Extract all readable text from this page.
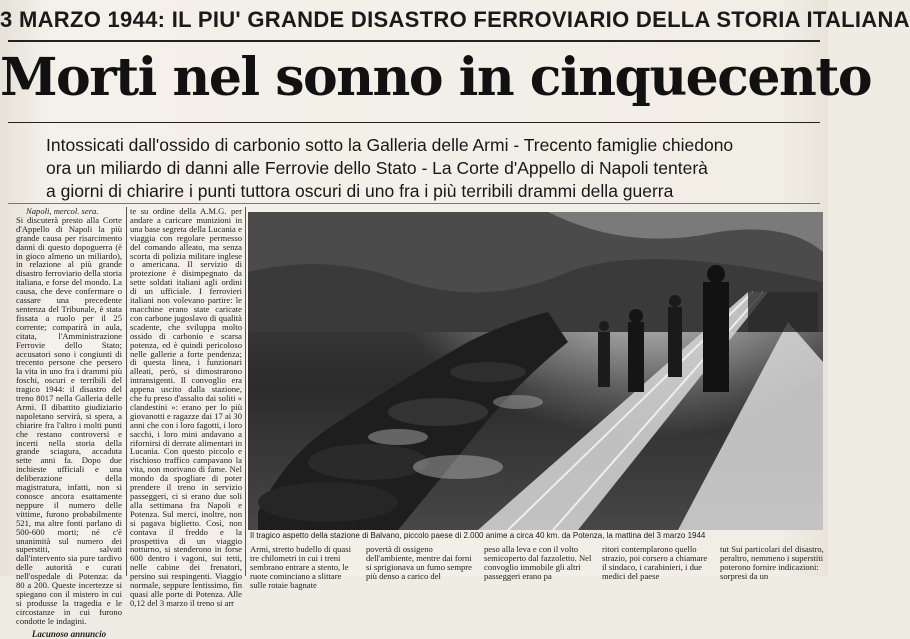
3 MARZO 1944: IL PIU' GRANDE DISASTRO FERROVIARIO DELLA STORIA ITALIANA
Morti nel sonno in cinquecento
Intossicati dall'ossido di carbonio sotto la Galleria delle Armi - Trecento famiglie chiedono
ora un miliardo di danni alle Ferrovie dello Stato - La Corte d'Appello di Napoli tenterà
a giorni di chiarire i punti tuttora oscuri di uno fra i più terribili drammi della guerra
Napoli, mercol. sera.
Si discuterà presto alla Corte d'Appello di Napoli la più grande causa per risarcimento danni di questo dopoguerra (è in gioco almeno un miliardo), in relazione al più grande disastro ferroviario della storia italiana, e forse del mondo. La causa, che deve confermare o cassare una precedente sentenza del Tribunale, è stata fissata a ruolo per il 25 corrente; comparirà in aula, citata, l'Amministrazione Ferrovie dello Stato; accusatori sono i congiunti di trecento persone che persero la vita in uno fra i drammi più foschi, oscuri e terribili del tragico 1944: il disastro del treno 8017 nella Galleria delle Armi. Il dibattito giudiziario napoletano servirà, si spera, a chiarire fra l'altro i molti punti che restano controversi e incerti nella storia della grande sciagura, accaduta sette anni fa. Dopo due inchieste ufficiali e una deliberazione della magistratura, infatti, non si conosce ancora esattamente neppure il numero delle vittime, furono probabilmente 521, ma altre fonti parlano di 500-600 morti; né c'è unanimità sul numero dei superstiti, salvati dall'intervento sia pure tardivo delle autorità e curati nell'ospedale di Potenza: da 80 a 200. Queste incertezze si spiegano con il mistero in cui si produsse la tragedia e le circostanze in cui furono condotte le indagini.
Lacunoso annuncio
te su ordine della A.M.G. per andare a caricare munizioni in una base segreta della Lucania e viaggia con regolare permesso del comando alleato, ma senza scorta di polizia militare inglese o americana. Il servizio di protezione è disimpegnato da sette soldati italiani agli ordini di un ufficiale. I ferrovieri italiani non volevano partire: le macchine erano state caricate con carbone jugoslavo di qualità scadente, che sviluppa molto ossido di carbonio e scarsa potenza, ed è quindi pericoloso nelle gallerie a forte pendenza; di questa linea, i funzionari alleati, però, si dimostrarono intransigenti. Il convoglio era appena uscito dalla stazione, che fu preso d'assalto dai soliti « clandestini »: erano per lo più giovanotti e ragazze dai 17 ai 30 anni che con i loro fagotti, i loro sacchi, i loro mini andavano a rifornirsi di derrate alimentari in Lucania. Con questo piccolo e rischioso traffico campavano la vita, non morivano di fame. Nel mondo da spogliare di poter prendere il treno in servizio passeggeri, ci si erano due soli alla settimana fra Napoli e Potenza. Sul merci, inoltre, non si pagava biglietto. Così, non contava il freddo e la prospettiva di un viaggio notturno, si stenderono in forse 600 dentro i vagoni, sui tetti, nelle cabine dei frenatori, persino sui respingenti. Viaggio normale, seppure lentissimo, fin quasi alle porte di Potenza. Alle 0,12 del 3 marzo il treno si arr
Il tragico aspetto della stazione di Balvano, piccolo paese di 2.000 anime a circa 40 km. da Potenza, la mattina del 3 marzo 1944
Armi, stretto budello di quasi tre chilometri in cui i treni sembrano entrare a stento, le ruote cominciano a slittare sulle rotaie bagnate
povertà di ossigeno dell'ambiente, mentre dai forni si sprigionava un fumo sempre più denso a carico del
peso alla leva e con il volto semicoperto dal fazzoletto. Nel convoglio immobile gli altri passeggeri erano pa
ritori contemplarono quello strazio, poi corsero a chiamare il sindaco, i carabinieri, i due medici del paese
tut Sui particolari del disastro, peraltro, nemmeno i superstiti poterono fornire indicazioni: sorpresi da un
